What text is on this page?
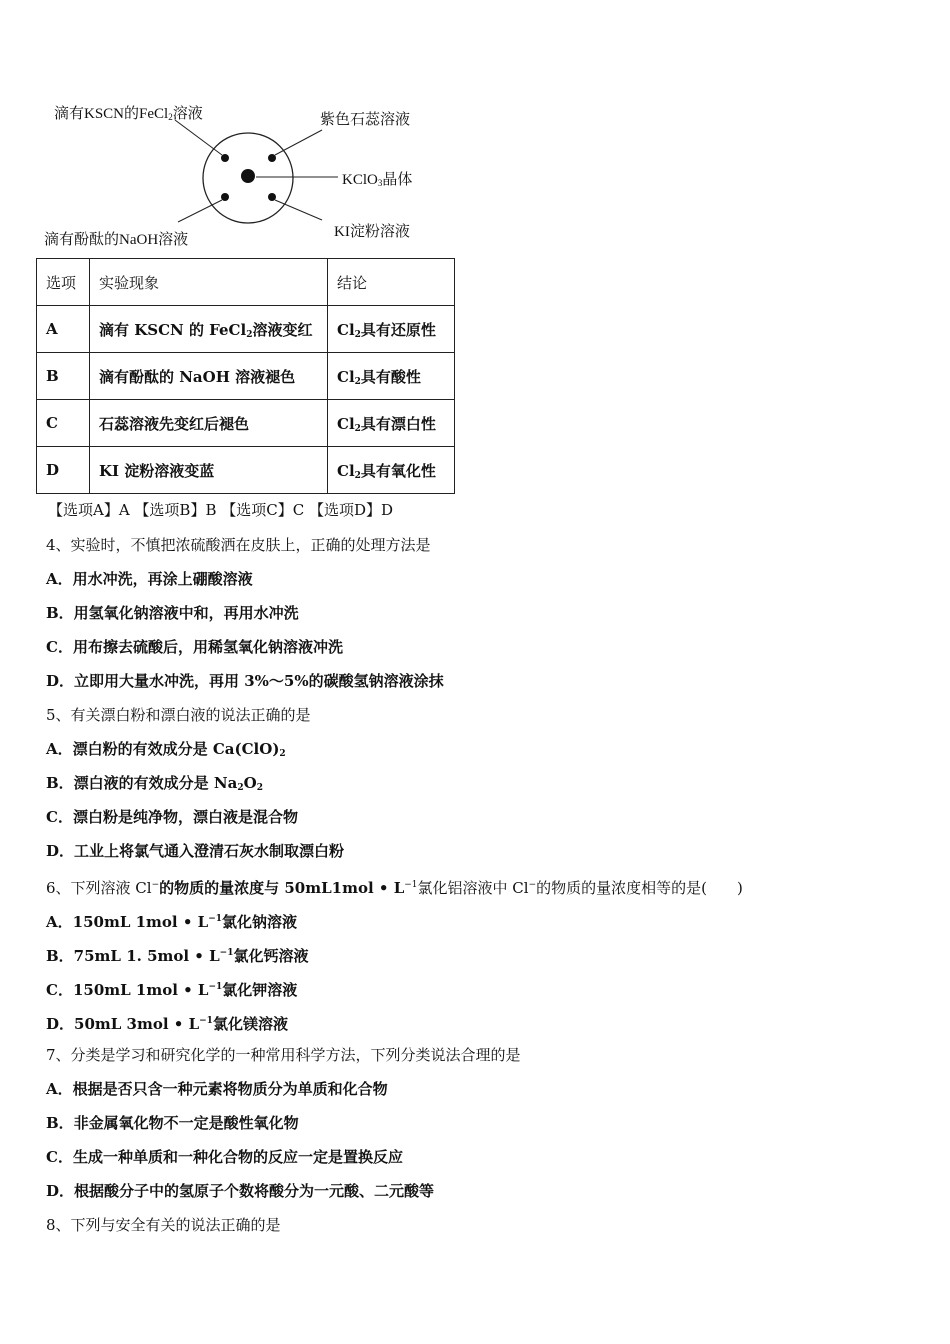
滴有KSCN的FeCl$_2$溶液	紫色石蕊溶液
KClO$_3$晶体
KI淀粉溶液
滴有酚酞的NaOH溶液
选项	实验现象	结论
A	滴有 KSCN 的 FeCl$_2$溶液变红	$Cl_2$具有还原性
B	滴有酚酞的 NaOH 溶液褪色	$Cl_2$具有酸性
C	石蕊溶液先变红后褪色	$Cl_2$具有漂白性
D	KI 淀粉溶液变蓝	$Cl_2$具有氧化性
【选项A】A 【选项B】B 【选项C】C 【选项D】D
4、实验时，不慎把浓硫酸洒在皮肤上，正确的处理方法是
A．用水冲洗，再涂上硼酸溶液
B．用氢氧化钠溶液中和，再用水冲洗
C．用布擦去硫酸后，用稀氢氧化钠溶液冲洗
D．立即用大量水冲洗，再用 3%～5%的碳酸氢钠溶液涂抹
5、有关漂白粉和漂白液的说法正确的是
A．漂白粉的有效成分是 $Ca(ClO)_2$
B．漂白液的有效成分是 $Na_2O_2$
C．漂白粉是纯净物，漂白液是混合物
D．工业上将氯气通入澄清石灰水制取漂白粉
6、下列溶液 Cl−的物质的量浓度与 50mL1mol • $L^{-1}$氯化铝溶液中 Cl−的物质的量浓度相等的是(　　)
A．150mL 1mol • $L^{-1}$氯化钠溶液
B．75mL 1. 5mol • $L^{-1}$氯化钙溶液
C．150mL 1mol • $L^{-1}$氯化钾溶液
D．50mL 3mol • $L^{-1}$氯化镁溶液
7、分类是学习和研究化学的一种常用科学方法，下列分类说法合理的是
A．根据是否只含一种元素将物质分为单质和化合物
B．非金属氧化物不一定是酸性氧化物
C．生成一种单质和一种化合物的反应一定是置换反应
D．根据酸分子中的氢原子个数将酸分为一元酸、二元酸等
8、下列与安全有关的说法正确的是
